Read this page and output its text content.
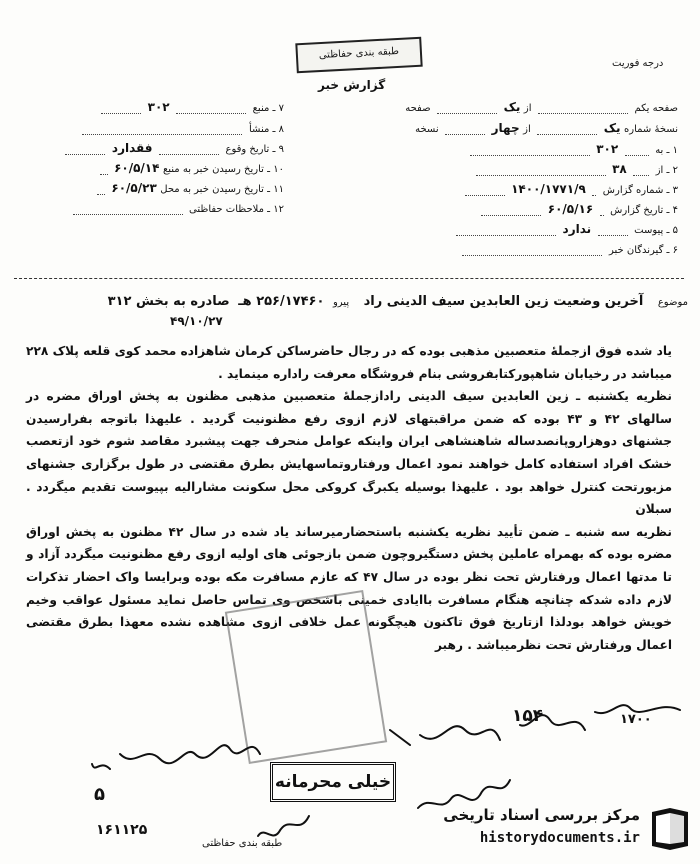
طبقه بندی حفاظتی
گزارش خبر
درجه فوریت
صفحه یکم  از یک  صفحه
نسخهٔ شماره یک  از چهار  نسخه
۱ ـ به  ۳۰۲
۲ ـ از  ۳۸
۳ ـ شماره گزارش  ۱۴۰۰/۱۷۷۱/۹
۴ ـ تاریخ گزارش  ۶۰/۵/۱۶
۵ ـ پیوست  ندارد
۶ ـ گیرندگان خبر
۷ ـ منبع  ۳۰۲
۸ ـ منشأ
۹ ـ تاریخ وقوع  فقدارد
۱۰ ـ تاریخ رسیدن خبر به منبع ۶۰/۵/۱۴
۱۱ ـ تاریخ رسیدن خبر به محل ۶۰/۵/۲۳
۱۲ ـ ملاحظات حفاظتی
موضوع آخرین وضعیت زین العابدین سیف الدینی راد پیرو ۲۵۶/۱۷۴۶۰ هـ صادره به بخش ۳۱۲
۴۹/۱۰/۲۷

یاد شده فوق ازجملهٔ متعصبین مذهبی بوده که در رجال حاضرساکن کرمان شاهزاده محمد کوی قلعه پلاک ۲۲۸ میباشد در رخیابان شاهپورکتابفروشی بنام فروشگاه معرفت راداره مینماید .

نظریه یکشنبه ـ زین العابدین سیف الدینی رادازجملهٔ متعصبین مذهبی مظنون به پخش اوراق مضره در سالهای ۴۲ و ۴۳ بوده که ضمن مراقبتهای لازم ازوی رفع مظنونیت گردید . علیهذا باتوجه بفرارسیدن جشنهای دوهزاروپانصدساله شاهنشاهی ایران واینکه عوامل منحرف جهت پیشبرد مقاصد شوم خود ازتعصب خشک افراد استفاده کامل خواهند نمود اعمال ورفتاروتماسهایش بطرق مقتضی در طول برگزاری جشنهای مزبورتحت کنترل خواهد بود . علیهذا بوسیله یکبرگ کروکی محل سکونت مشارالیه بپیوست تقدیم میگردد . سبلان

نظریه سه شنبه ـ ضمن تأیید نظریه یکشنبه باستحضارمیرساند یاد شده در سال ۴۲ مظنون به پخش اوراق مضره بوده که بهمراه عاملین پخش دستگیروچون ضمن بازجوئی های اولیه ازوی رفع مظنونیت میگردد آزاد و تا مدتها اعمال ورفتارش تحت نظر بوده در سال ۴۷ که عازم مسافرت مکه بوده وبرایسا واک احضار تذکرات لازم داده شدکه چنانچه هنگام مسافرت باایادی خمینی باشخص وی تماس حاصل نماید مسئول عواقب وخیم خویش خواهد بودلذا ازتاریخ فوق تاکنون هیچگونه عمل خلافی ازوی مشاهده نشده معهذا بطرق مقتضی اعمال ورفتارش تحت نظرمیباشد . رهبر

۱۵۴	۱۷۰۰
خیلی محرمانه
۵
۱۶۱۱۲۵
طبقه بندی حفاظتی
مرکز بررسی اسناد تاریخی
historydocuments.ir
